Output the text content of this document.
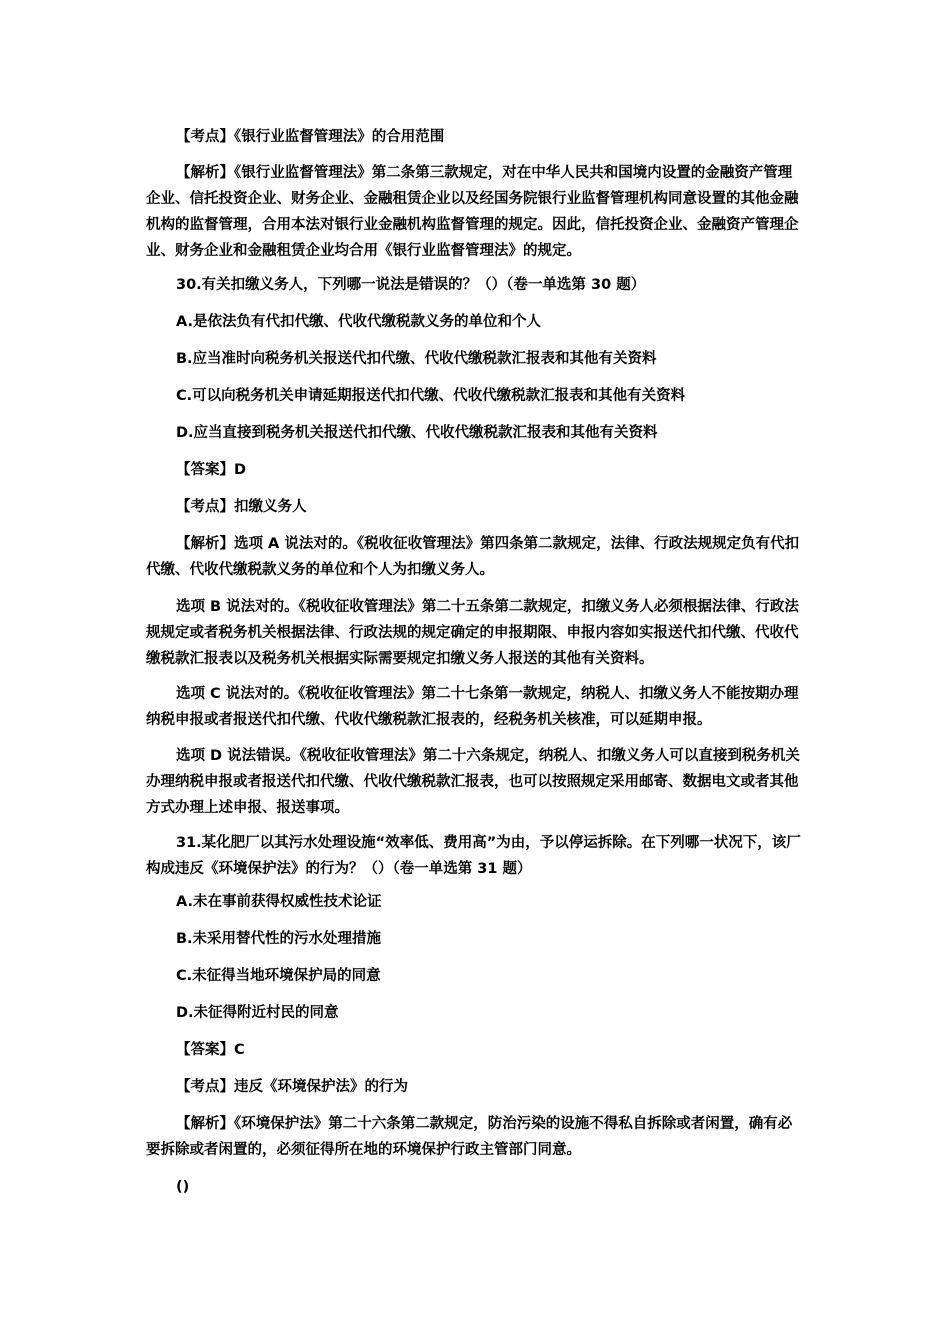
【考点】《银行业监督管理法》的合用范围
【解析】《银行业监督管理法》第二条第三款规定，对在中华人民共和国境内设置的金融资产管理企业、信托投资企业、财务企业、金融租赁企业以及经国务院银行业监督管理机构同意设置的其他金融机构的监督管理，合用本法对银行业金融机构监督管理的规定。因此，信托投资企业、金融资产管理企业、财务企业和金融租赁企业均合用《银行业监督管理法》的规定。
30.有关扣缴义务人，下列哪一说法是错误的？（）（卷一单选第 30 题）
A.是依法负有代扣代缴、代收代缴税款义务的单位和个人
B.应当准时向税务机关报送代扣代缴、代收代缴税款汇报表和其他有关资料
C.可以向税务机关申请延期报送代扣代缴、代收代缴税款汇报表和其他有关资料
D.应当直接到税务机关报送代扣代缴、代收代缴税款汇报表和其他有关资料
【答案】D
【考点】扣缴义务人
【解析】选项 A 说法对的。《税收征收管理法》第四条第二款规定，法律、行政法规规定负有代扣代缴、代收代缴税款义务的单位和个人为扣缴义务人。
选项 B 说法对的。《税收征收管理法》第二十五条第二款规定，扣缴义务人必须根据法律、行政法规规定或者税务机关根据法律、行政法规的规定确定的申报期限、申报内容如实报送代扣代缴、代收代缴税款汇报表以及税务机关根据实际需要规定扣缴义务人报送的其他有关资料。
选项 C 说法对的。《税收征收管理法》第二十七条第一款规定，纳税人、扣缴义务人不能按期办理纳税申报或者报送代扣代缴、代收代缴税款汇报表的，经税务机关核准，可以延期申报。
选项 D 说法错误。《税收征收管理法》第二十六条规定，纳税人、扣缴义务人可以直接到税务机关办理纳税申报或者报送代扣代缴、代收代缴税款汇报表，也可以按照规定采用邮寄、数据电文或者其他方式办理上述申报、报送事项。
31.某化肥厂以其污水处理设施“效率低、费用高”为由，予以停运拆除。在下列哪一状况下，该厂构成违反《环境保护法》的行为？（）（卷一单选第 31 题）
A.未在事前获得权威性技术论证
B.未采用替代性的污水处理措施
C.未征得当地环境保护局的同意
D.未征得附近村民的同意
【答案】C
【考点】违反《环境保护法》的行为
【解析】《环境保护法》第二十六条第二款规定，防治污染的设施不得私自拆除或者闲置，确有必要拆除或者闲置的，必须征得所在地的环境保护行政主管部门同意。
()
